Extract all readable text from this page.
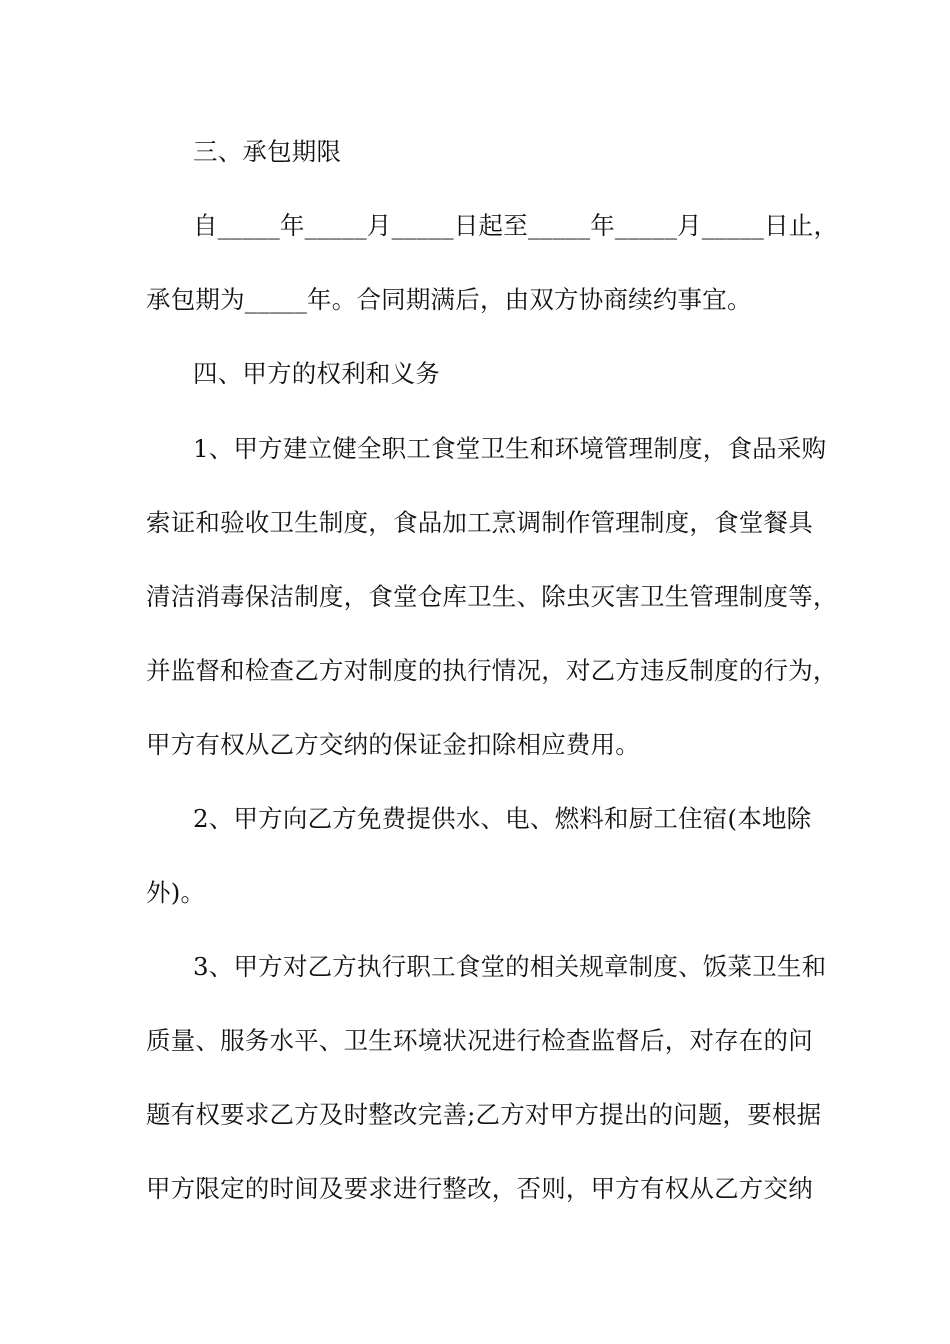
三、承包期限
自_____年_____月_____日起至_____年_____月_____日止，
承包期为_____年。合同期满后，由双方协商续约事宜。
四、甲方的权利和义务
1、甲方建立健全职工食堂卫生和环境管理制度，食品采购
索证和验收卫生制度，食品加工烹调制作管理制度，食堂餐具
清洁消毒保洁制度，食堂仓库卫生、除虫灭害卫生管理制度等，
并监督和检查乙方对制度的执行情况，对乙方违反制度的行为，
甲方有权从乙方交纳的保证金扣除相应费用。
2、甲方向乙方免费提供水、电、燃料和厨工住宿(本地除
外)。
3、甲方对乙方执行职工食堂的相关规章制度、饭菜卫生和
质量、服务水平、卫生环境状况进行检查监督后，对存在的问
题有权要求乙方及时整改完善;乙方对甲方提出的问题，要根据
甲方限定的时间及要求进行整改，否则，甲方有权从乙方交纳
